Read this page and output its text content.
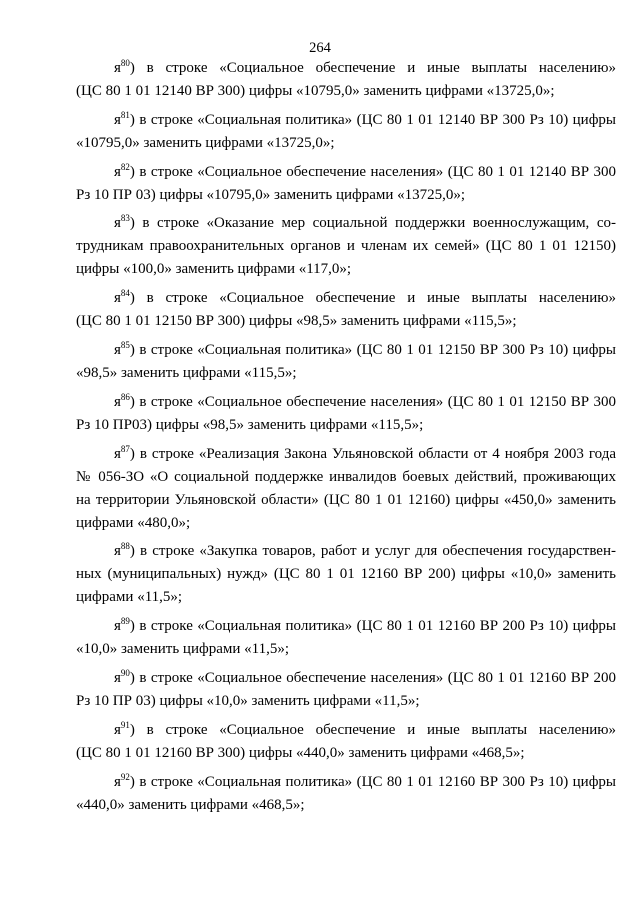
264
$я^{80}$) в строке «Социальное обеспечение и иные выплаты населению»
(ЦС 80 1 01 12140 ВР 300) цифры «10795,0» заменить цифрами «13725,0»;
$я^{81}$) в строке «Социальная политика» (ЦС 80 1 01 12140 ВР 300 Рз 10) цифры
«10795,0» заменить цифрами «13725,0»;
$я^{82}$) в строке «Социальное обеспечение населения» (ЦС 80 1 01 12140 ВР 300
Рз 10 ПР 03) цифры «10795,0» заменить цифрами «13725,0»;
$я^{83}$) в строке «Оказание мер социальной поддержки военнослужащим, со-
трудникам правоохранительных органов и членам их семей» (ЦС 80 1 01 12150)
цифры «100,0» заменить цифрами «117,0»;
$я^{84}$) в строке «Социальное обеспечение и иные выплаты населению»
(ЦС 80 1 01 12150 ВР 300) цифры «98,5» заменить цифрами «115,5»;
$я^{85}$) в строке «Социальная политика» (ЦС 80 1 01 12150 ВР 300 Рз 10) цифры
«98,5» заменить цифрами «115,5»;
$я^{86}$) в строке «Социальное обеспечение населения» (ЦС 80 1 01 12150 ВР 300
Рз 10 ПР03) цифры «98,5» заменить цифрами «115,5»;
$я^{87}$) в строке «Реализация Закона Ульяновской области от 4 ноября 2003 года
№ 056-ЗО «О социальной поддержке инвалидов боевых действий, проживающих
на территории Ульяновской области» (ЦС 80 1 01 12160) цифры «450,0» заменить
цифрами «480,0»;
$я^{88}$) в строке «Закупка товаров, работ и услуг для обеспечения государствен-
ных (муниципальных) нужд» (ЦС 80 1 01 12160 ВР 200) цифры «10,0» заменить
цифрами «11,5»;
$я^{89}$) в строке «Социальная политика» (ЦС 80 1 01 12160 ВР 200 Рз 10) цифры
«10,0» заменить цифрами «11,5»;
$я^{90}$) в строке «Социальное обеспечение населения» (ЦС 80 1 01 12160 ВР 200
Рз 10 ПР 03) цифры «10,0» заменить цифрами «11,5»;
$я^{91}$) в строке «Социальное обеспечение и иные выплаты населению»
(ЦС 80 1 01 12160 ВР 300) цифры «440,0» заменить цифрами «468,5»;
$я^{92}$) в строке «Социальная политика» (ЦС 80 1 01 12160 ВР 300 Рз 10) цифры
«440,0» заменить цифрами «468,5»;
